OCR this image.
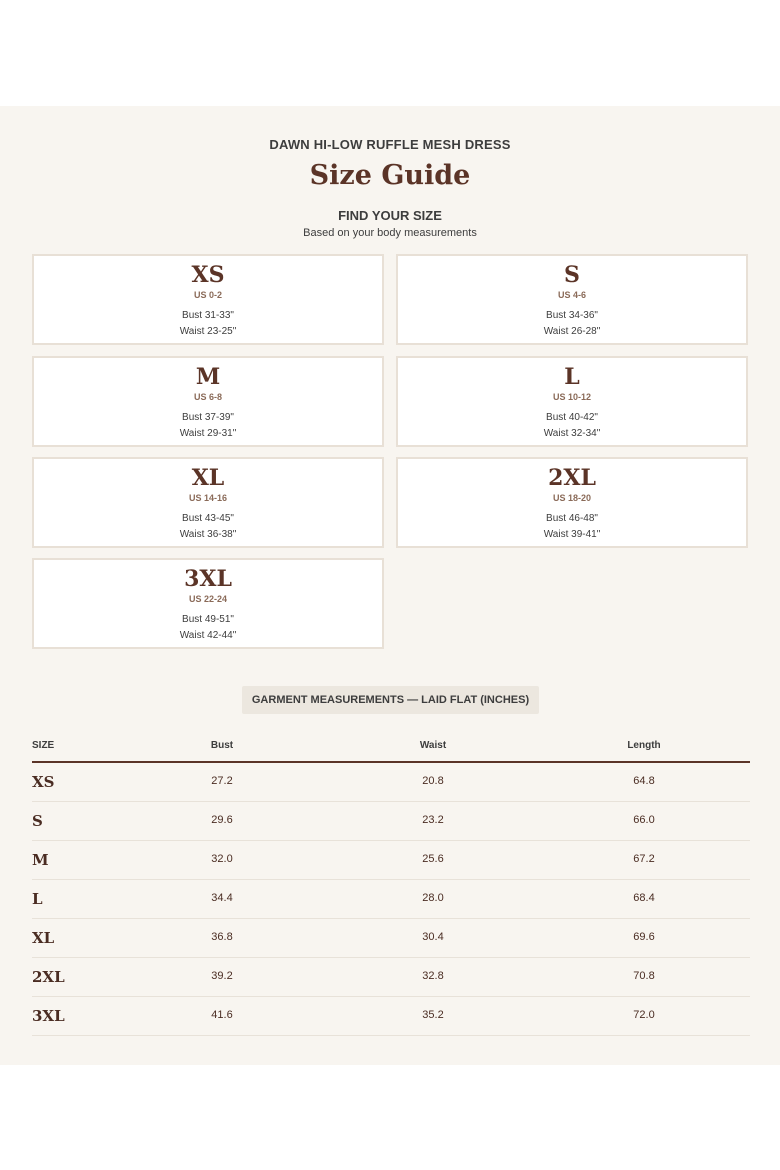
DAWN HI-LOW RUFFLE MESH DRESS
Size Guide
FIND YOUR SIZE
Based on your body measurements
XS
US 0-2
Bust 31-33"
Waist 23-25"
S
US 4-6
Bust 34-36"
Waist 26-28"
M
US 6-8
Bust 37-39"
Waist 29-31"
L
US 10-12
Bust 40-42"
Waist 32-34"
XL
US 14-16
Bust 43-45"
Waist 36-38"
2XL
US 18-20
Bust 46-48"
Waist 39-41"
3XL
US 22-24
Bust 49-51"
Waist 42-44"
GARMENT MEASUREMENTS — LAID FLAT (INCHES)
SIZE	Bust	Waist	Length
XS	27.2	20.8	64.8
S	29.6	23.2	66.0
M	32.0	25.6	67.2
L	34.4	28.0	68.4
XL	36.8	30.4	69.6
2XL	39.2	32.8	70.8
3XL	41.6	35.2	72.0
